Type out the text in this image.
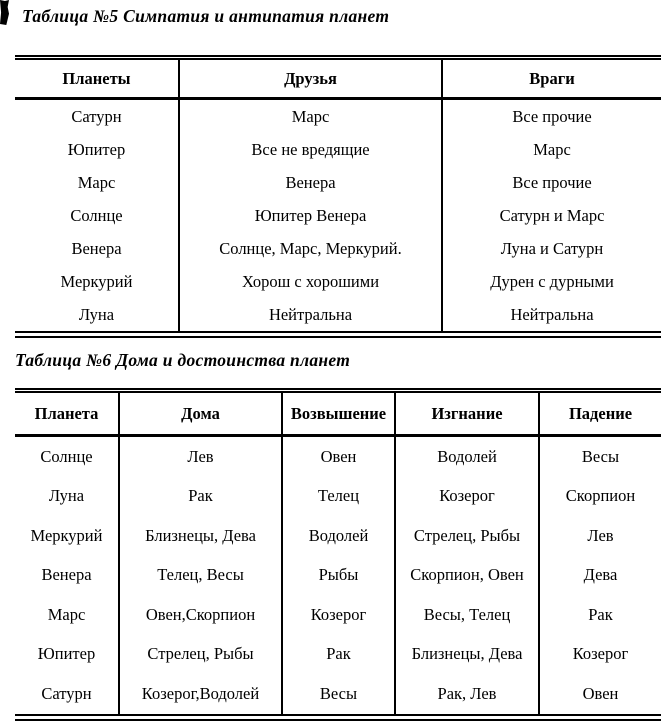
Таблица №5 Симпатия и антипатия планет
Планеты	Друзья	Враги
Сатурн	Марс	Все прочие
Юпитер	Все не вредящие	Марс
Марс	Венера	Все прочие
Солнце	Юпитер Венера	Сатурн и Марс
Венера	Солнце, Марс, Меркурий.	Луна и Сатурн
Меркурий	Хорош с хорошими	Дурен с дурными
Луна	Нейтральна	Нейтральна
Таблица №6 Дома и достоинства планет
Планета	Дома	Возвышение	Изгнание	Падение
Солнце	Лев	Овен	Водолей	Весы
Луна	Рак	Телец	Козерог	Скорпион
Меркурий	Близнецы, Дева	Водолей	Стрелец, Рыбы	Лев
Венера	Телец, Весы	Рыбы	Скорпион, Овен	Дева
Марс	Овен,Скорпион	Козерог	Весы, Телец	Рак
Юпитер	Стрелец, Рыбы	Рак	Близнецы, Дева	Козерог
Сатурн	Козерог,Водолей	Весы	Рак, Лев	Овен
